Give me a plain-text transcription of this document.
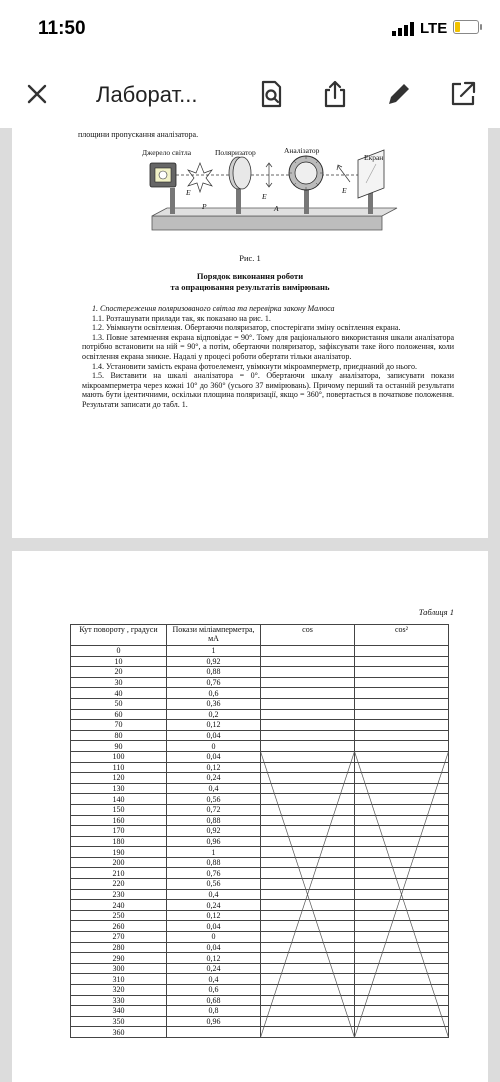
11:50	LTE
Лаборат...
площини пропускання аналізатора.
Джерело світла	Поляризатор	Аналізатор
Екран
E
P
E
A
E
Рис. 1
Порядок виконання роботи
та опрацювання результатів вимірювань

1. Спостереження поляризованого світла та перевірка закону Малюса

1.1. Розташувати прилади так, як показано на рис. 1.

1.2. Увімкнути освітлення. Обертаючи поляризатор, спостерігати зміну освітлення екрана.

1.3. Повне затемнення екрана відповідає = 90°. Тому для раціонального використання шкали аналізатора потрібно встановити на ній = 90°, а потім, обертаючи поляризатор, зафіксувати таке його положення, коли освітлення екрана зникне. Надалі у процесі роботи обертати тільки аналізатор.

1.4. Установити замість екрана фотоелемент, увімкнути мікроамперметр, приєднаний до нього.

1.5. Виставити на шкалі аналізатора = 0°. Обертаючи шкалу аналізатора, записувати покази мікроамперметра через кожні 10° до 360° (усього 37 вимірювань). Причому перший та останній результати мають бути ідентичними, оскільки площина поляризації, якщо = 360°, повертається в початкове положення. Результати записати до табл. 1.

Таблиця 1
Кут повороту , градуси	Покази міліамперметра, мА	cos	cos²
0	1		
10	0,92		
20	0,88		
30	0,76		
40	0,6		
50	0,36		
60	0,2		
70	0,12		
80	0,04		
90	0		
100	0,04		
110	0,12		
120	0,24		
130	0,4		
140	0,56		
150	0,72		
160	0,88		
170	0,92		
180	0,96		
190	1		
200	0,88		
210	0,76		
220	0,56		
230	0,4		
240	0,24		
250	0,12		
260	0,04		
270	0		
280	0,04		
290	0,12		
300	0,24		
310	0,4		
320	0,6		
330	0,68		
340	0,8		
350	0,96		
360			
